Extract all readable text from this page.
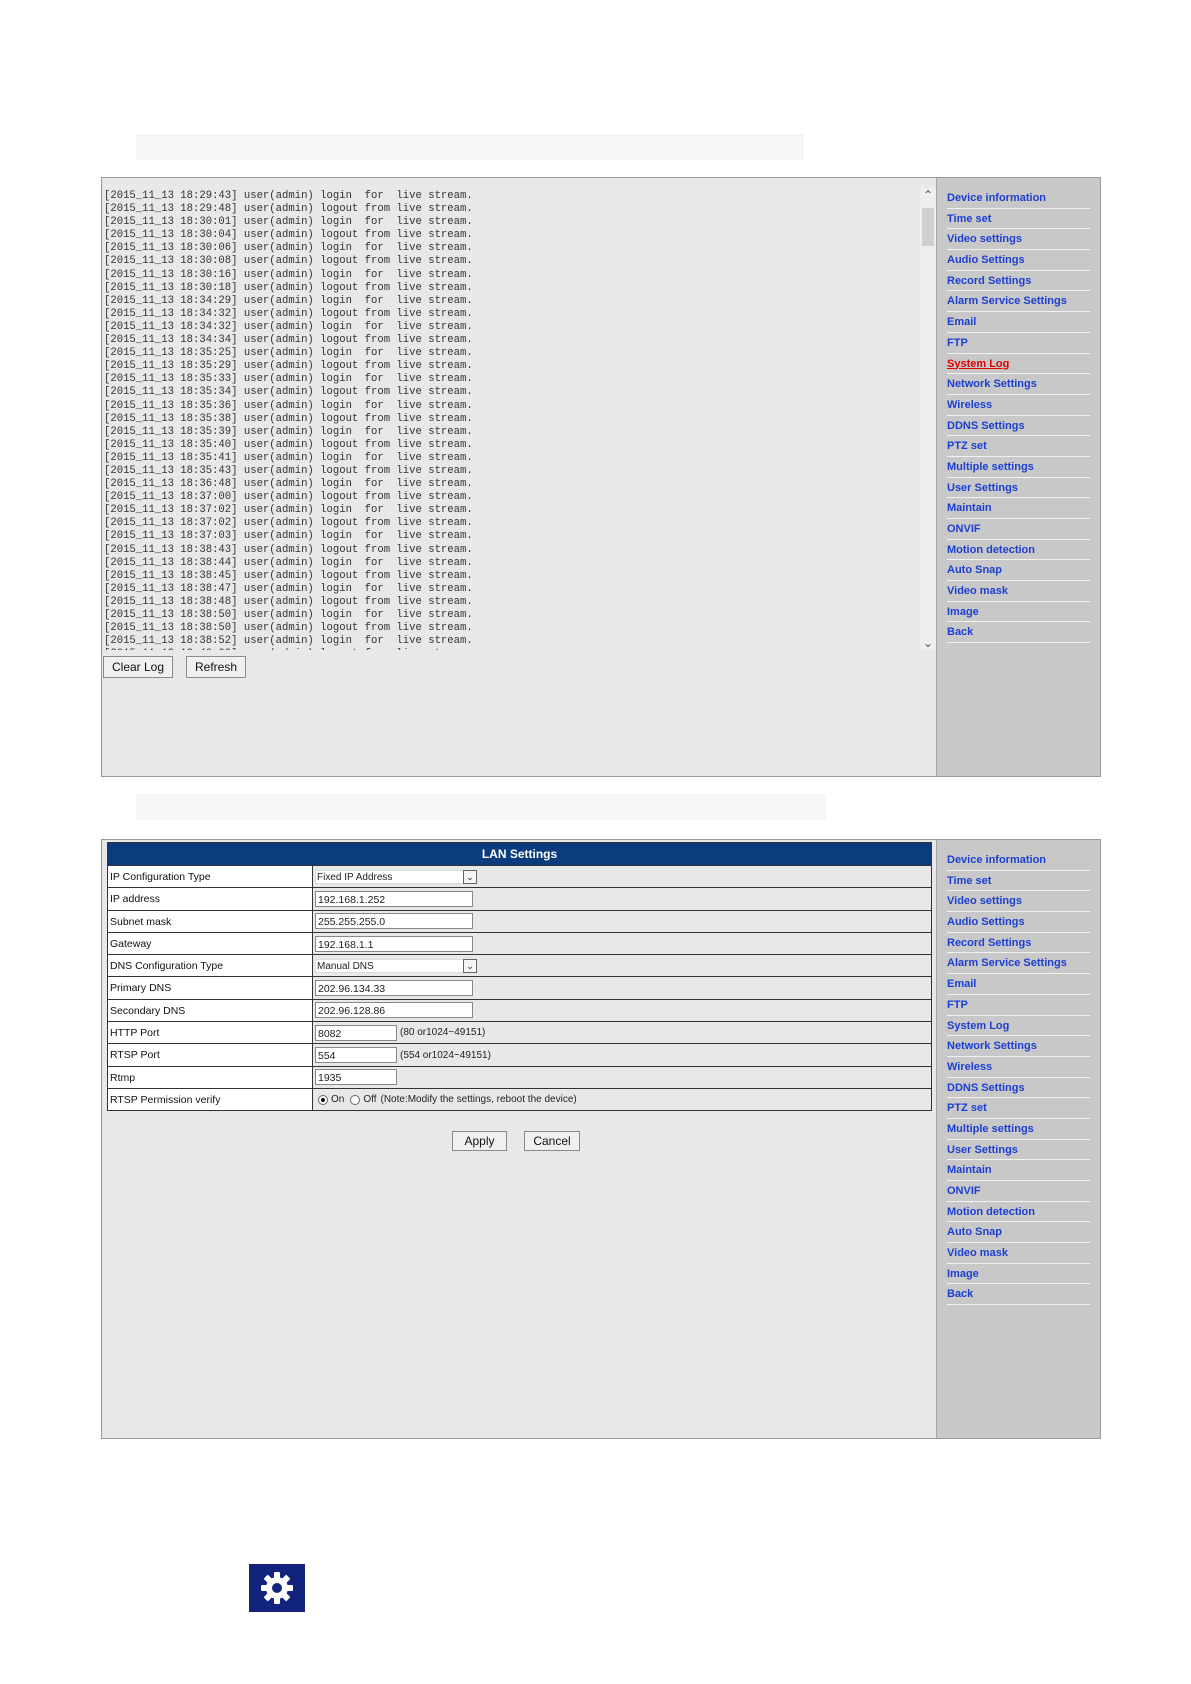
[2015_11_13 18:29:43] user(admin) login  for  live stream.
[2015_11_13 18:29:48] user(admin) logout from live stream.
[2015_11_13 18:30:01] user(admin) login  for  live stream.
[2015_11_13 18:30:04] user(admin) logout from live stream.
[2015_11_13 18:30:06] user(admin) login  for  live stream.
[2015_11_13 18:30:08] user(admin) logout from live stream.
[2015_11_13 18:30:16] user(admin) login  for  live stream.
[2015_11_13 18:30:18] user(admin) logout from live stream.
[2015_11_13 18:34:29] user(admin) login  for  live stream.
[2015_11_13 18:34:32] user(admin) logout from live stream.
[2015_11_13 18:34:32] user(admin) login  for  live stream.
[2015_11_13 18:34:34] user(admin) logout from live stream.
[2015_11_13 18:35:25] user(admin) login  for  live stream.
[2015_11_13 18:35:29] user(admin) logout from live stream.
[2015_11_13 18:35:33] user(admin) login  for  live stream.
[2015_11_13 18:35:34] user(admin) logout from live stream.
[2015_11_13 18:35:36] user(admin) login  for  live stream.
[2015_11_13 18:35:38] user(admin) logout from live stream.
[2015_11_13 18:35:39] user(admin) login  for  live stream.
[2015_11_13 18:35:40] user(admin) logout from live stream.
[2015_11_13 18:35:41] user(admin) login  for  live stream.
[2015_11_13 18:35:43] user(admin) logout from live stream.
[2015_11_13 18:36:48] user(admin) login  for  live stream.
[2015_11_13 18:37:00] user(admin) logout from live stream.
[2015_11_13 18:37:02] user(admin) login  for  live stream.
[2015_11_13 18:37:02] user(admin) logout from live stream.
[2015_11_13 18:37:03] user(admin) login  for  live stream.
[2015_11_13 18:38:43] user(admin) logout from live stream.
[2015_11_13 18:38:44] user(admin) login  for  live stream.
[2015_11_13 18:38:45] user(admin) logout from live stream.
[2015_11_13 18:38:47] user(admin) login  for  live stream.
[2015_11_13 18:38:48] user(admin) logout from live stream.
[2015_11_13 18:38:50] user(admin) login  for  live stream.
[2015_11_13 18:38:50] user(admin) logout from live stream.
[2015_11_13 18:38:52] user(admin) login  for  live stream.
⌃
⌄
Clear Log	Refresh
Device information
Time set
Video settings
Audio Settings
Record Settings
Alarm Service Settings
Email
FTP
System Log
Network Settings
Wireless
DDNS Settings
PTZ set
Multiple settings
User Settings
Maintain
ONVIF
Motion detection
Auto Snap
Video mask
Image
Back
LAN Settings
IP Configuration Type	Fixed IP Address	⌄
IP address	192.168.1.252
Subnet mask	255.255.255.0
Gateway	192.168.1.1
DNS Configuration Type	Manual DNS	⌄
Primary DNS	202.96.134.33
Secondary DNS	202.96.128.86
HTTP Port	8082	(80 or1024~49151)
RTSP Port	554	(554 or1024~49151)
Rtmp	1935
RTSP Permission verify	On Off (Note:Modify the settings, reboot the device)
Apply	Cancel
Device information
Time set
Video settings
Audio Settings
Record Settings
Alarm Service Settings
Email
FTP
System Log
Network Settings
Wireless
DDNS Settings
PTZ set
Multiple settings
User Settings
Maintain
ONVIF
Motion detection
Auto Snap
Video mask
Image
Back
